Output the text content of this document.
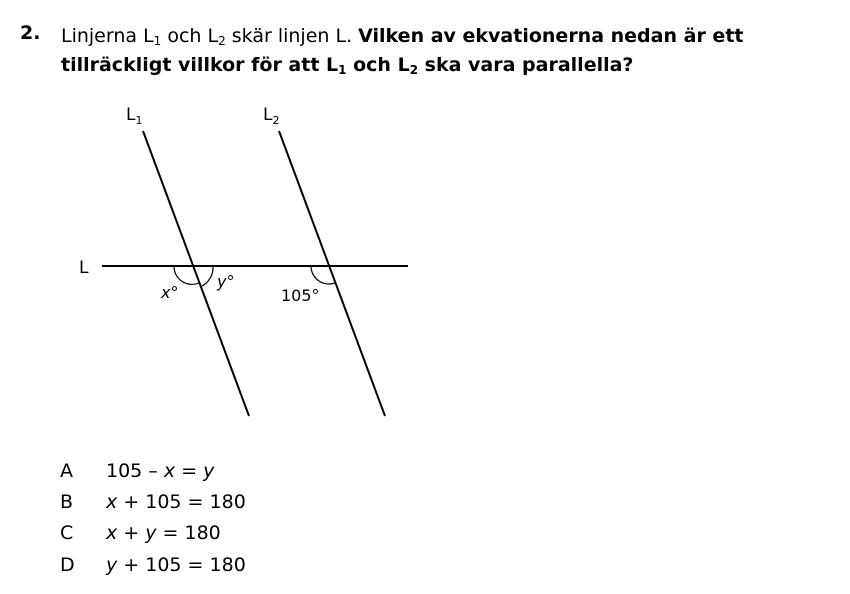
2. Linjerna $L_1$ och $L_2$ skär linjen L. Vilken av ekvationerna nedan är ett tillräckligt villkor för att $L_1$ och $L_2$ ska vara parallella?
$L_1$	$L_2$
L
x°
y°
105°
A	105 – x = y
B	x + 105 = 180
C	x + y = 180
D	y + 105 = 180
